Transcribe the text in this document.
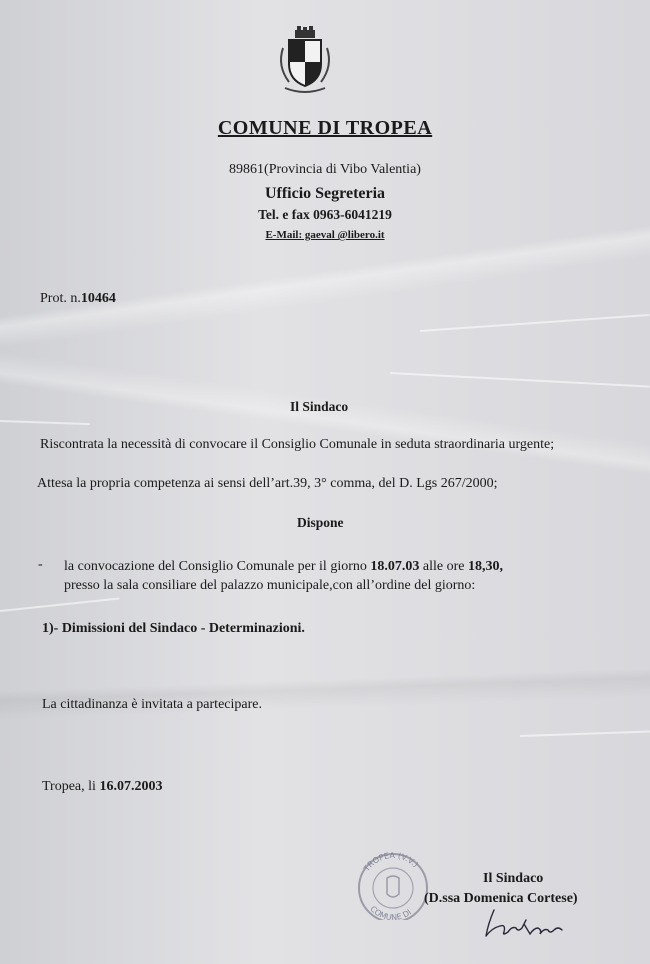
COMUNE DI TROPEA
89861(Provincia di Vibo Valentia)
Ufficio Segreteria
Tel. e fax 0963-6041219
E-Mail: gaeval @libero.it
Prot. n.10464
Il Sindaco
Riscontrata la necessità di convocare il Consiglio Comunale in seduta straordinaria urgente;
Attesa la propria competenza ai sensi dell’art.39, 3° comma, del D. Lgs 267/2000;
Dispone
- la convocazione del Consiglio Comunale per il giorno 18.07.03 alle ore 18,30,
presso la sala consiliare del palazzo municipale,con all’ordine del giorno:
1)- Dimissioni del Sindaco - Determinazioni.
La cittadinanza è invitata a partecipare.
Tropea, li 16.07.2003
TROPEA (V.V.)
COMUNE DI
Il Sindaco
(D.ssa Domenica Cortese)
